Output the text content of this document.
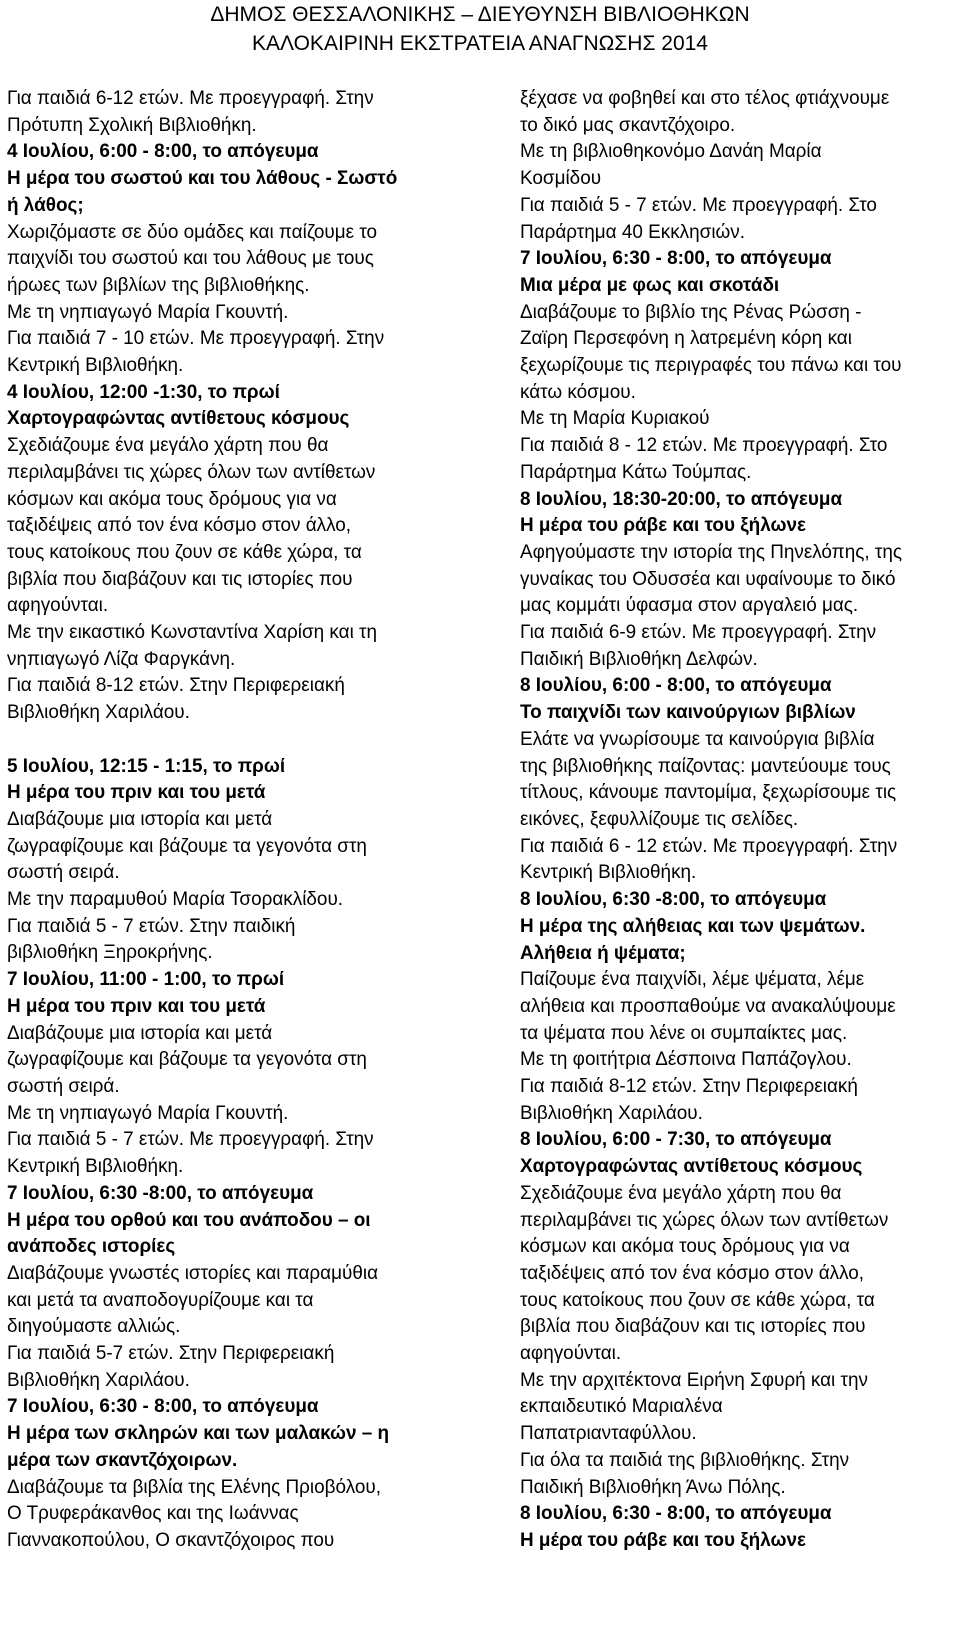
ΔΗΜΟΣ ΘΕΣΣΑΛΟΝΙΚΗΣ – ΔΙΕΥΘΥΝΣΗ ΒΙΒΛΙΟΘΗΚΩΝ
ΚΑΛΟΚΑΙΡΙΝΗ ΕΚΣΤΡΑΤΕΙΑ ΑΝΑΓΝΩΣΗΣ 2014
Για παιδιά 6-12 ετών. Με προεγγραφή. Στην
Πρότυπη Σχολική Βιβλιοθήκη.
4 Ιουλίου, 6:00 - 8:00, το απόγευμα
Η μέρα του σωστού και του λάθους - Σωστό
ή λάθος;
Χωριζόμαστε σε δύο ομάδες και παίζουμε το
παιχνίδι του σωστού και του λάθους με τους
ήρωες των βιβλίων της βιβλιοθήκης.
Με τη νηπιαγωγό Μαρία Γκουντή.
Για παιδιά 7 - 10 ετών. Με προεγγραφή. Στην
Κεντρική Βιβλιοθήκη.
4 Ιουλίου, 12:00 -1:30, το πρωί
Χαρτογραφώντας αντίθετους κόσμους
Σχεδιάζουμε ένα μεγάλο χάρτη που θα
περιλαμβάνει τις χώρες όλων των αντίθετων
κόσμων και ακόμα τους δρόμους για να
ταξιδέψεις από τον ένα κόσμο στον άλλο,
τους κατοίκους που ζουν σε κάθε χώρα, τα
βιβλία που διαβάζουν και τις ιστορίες που
αφηγούνται.
Με την εικαστικό Κωνσταντίνα Χαρίση και τη
νηπιαγωγό Λίζα Φαργκάνη.
Για παιδιά 8-12 ετών. Στην Περιφερειακή
Βιβλιοθήκη Χαριλάου.
5 Ιουλίου, 12:15 - 1:15, το πρωί
Η μέρα του πριν και του μετά
Διαβάζουμε μια ιστορία και μετά
ζωγραφίζουμε και βάζουμε τα γεγονότα στη
σωστή σειρά.
Με την παραμυθού Μαρία Τσορακλίδου.
Για παιδιά 5 - 7 ετών. Στην παιδική
βιβλιοθήκη Ξηροκρήνης.
7 Ιουλίου, 11:00 - 1:00, το πρωί
Η μέρα του πριν και του μετά
Διαβάζουμε μια ιστορία και μετά
ζωγραφίζουμε και βάζουμε τα γεγονότα στη
σωστή σειρά.
Με τη νηπιαγωγό Μαρία Γκουντή.
Για παιδιά 5 - 7 ετών. Με προεγγραφή. Στην
Κεντρική Βιβλιοθήκη.
7 Ιουλίου, 6:30 -8:00, το απόγευμα
Η μέρα του ορθού και του ανάποδου – οι
ανάποδες ιστορίες
Διαβάζουμε γνωστές ιστορίες και παραμύθια
και μετά τα αναποδογυρίζουμε και τα
διηγούμαστε αλλιώς.
Για παιδιά 5-7 ετών. Στην Περιφερειακή
Βιβλιοθήκη Χαριλάου.
7 Ιουλίου, 6:30 - 8:00, το απόγευμα
Η μέρα των σκληρών και των μαλακών – η
μέρα των σκαντζόχοιρων.
Διαβάζουμε τα βιβλία της Ελένης Πριοβόλου,
Ο Τρυφεράκανθος και της Ιωάννας
Γιαννακοπούλου, Ο σκαντζόχοιρος που
ξέχασε να φοβηθεί και στο τέλος φτιάχνουμε
το δικό μας σκαντζόχοιρο.
Με τη βιβλιοθηκονόμο Δανάη Μαρία
Κοσμίδου
Για παιδιά 5 - 7 ετών. Με προεγγραφή. Στο
Παράρτημα 40 Εκκλησιών.
7 Ιουλίου, 6:30 - 8:00, το απόγευμα
Μια μέρα με φως και σκοτάδι
Διαβάζουμε το βιβλίο της Ρένας Ρώσση -
Ζαϊρη Περσεφόνη η λατρεμένη κόρη και
ξεχωρίζουμε τις περιγραφές του πάνω και του
κάτω κόσμου.
Με τη Μαρία Κυριακού
Για παιδιά 8 - 12 ετών. Με προεγγραφή. Στο
Παράρτημα Κάτω Τούμπας.
8 Ιουλίου, 18:30-20:00, το απόγευμα
Η μέρα του ράβε και του ξήλωνε
Αφηγούμαστε την ιστορία της Πηνελόπης, της
γυναίκας του Οδυσσέα και υφαίνουμε το δικό
μας κομμάτι ύφασμα στον αργαλειό μας.
Για παιδιά 6-9 ετών. Με προεγγραφή. Στην
Παιδική Βιβλιοθήκη Δελφών.
8 Ιουλίου, 6:00 - 8:00, το απόγευμα
Το παιχνίδι των καινούργιων βιβλίων
Ελάτε να γνωρίσουμε τα καινούργια βιβλία
της βιβλιοθήκης παίζοντας: μαντεύουμε τους
τίτλους, κάνουμε παντομίμα, ξεχωρίσουμε τις
εικόνες, ξεφυλλίζουμε τις σελίδες.
Για παιδιά 6 - 12 ετών. Με προεγγραφή. Στην
Κεντρική Βιβλιοθήκη.
8 Ιουλίου, 6:30 -8:00, το απόγευμα
Η μέρα της αλήθειας και των ψεμάτων.
Αλήθεια ή ψέματα;
Παίζουμε ένα παιχνίδι, λέμε ψέματα, λέμε
αλήθεια και προσπαθούμε να ανακαλύψουμε
τα ψέματα που λένε οι συμπαίκτες μας.
Με τη φοιτήτρια Δέσποινα Παπάζογλου.
Για παιδιά 8-12 ετών. Στην Περιφερειακή
Βιβλιοθήκη Χαριλάου.
8 Ιουλίου, 6:00 - 7:30, το απόγευμα
Χαρτογραφώντας αντίθετους κόσμους
Σχεδιάζουμε ένα μεγάλο χάρτη που θα
περιλαμβάνει τις χώρες όλων των αντίθετων
κόσμων και ακόμα τους δρόμους για να
ταξιδέψεις από τον ένα κόσμο στον άλλο,
τους κατοίκους που ζουν σε κάθε χώρα, τα
βιβλία που διαβάζουν και τις ιστορίες που
αφηγούνται.
Με την αρχιτέκτονα Ειρήνη Σφυρή και την
εκπαιδευτικό Μαριαλένα
Παπατριανταφύλλου.
Για όλα τα παιδιά της βιβλιοθήκης. Στην
Παιδική Βιβλιοθήκη Άνω Πόλης.
8 Ιουλίου, 6:30 - 8:00, το απόγευμα
Η μέρα του ράβε και του ξήλωνε
